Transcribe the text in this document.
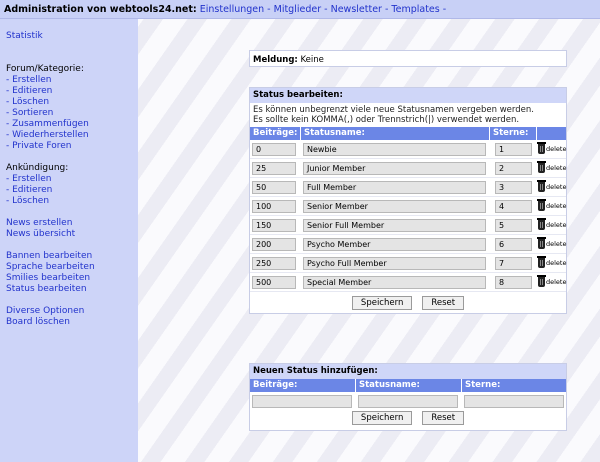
Administration von webtools24.net: Einstellungen - Mitglieder - Newsletter - Templates -
Statistik
Forum/Kategorie:
- Erstellen
- Editieren
- Löschen
- Sortieren
- Zusammenfügen
- Wiederherstellen
- Private Foren
Ankündigung:
- Erstellen
- Editieren
- Löschen
News erstellen
News übersicht
Bannen bearbeiten
Sprache bearbeiten
Smilies bearbeiten
Status bearbeiten
Diverse Optionen
Board löschen
Meldung: Keine
Status bearbeiten:
Es können unbegrenzt viele neue Statusnamen vergeben werden.
Es sollte kein KOMMA(,) oder Trennstrich(|) verwendet werden.
Beiträge: Statusname:	Sterne:
0	Newbie	1	delete
25	Junior Member	2	delete
50	Full Member	3	delete
100	Senior Member	4	delete
150	Senior Full Member	5	delete
200	Psycho Member	6	delete
250	Psycho Full Member	7	delete
500	Special Member	8	delete
Speichern	Reset
Neuen Status hinzufügen:
Beiträge:	Statusname:	Sterne:
Speichern	Reset
